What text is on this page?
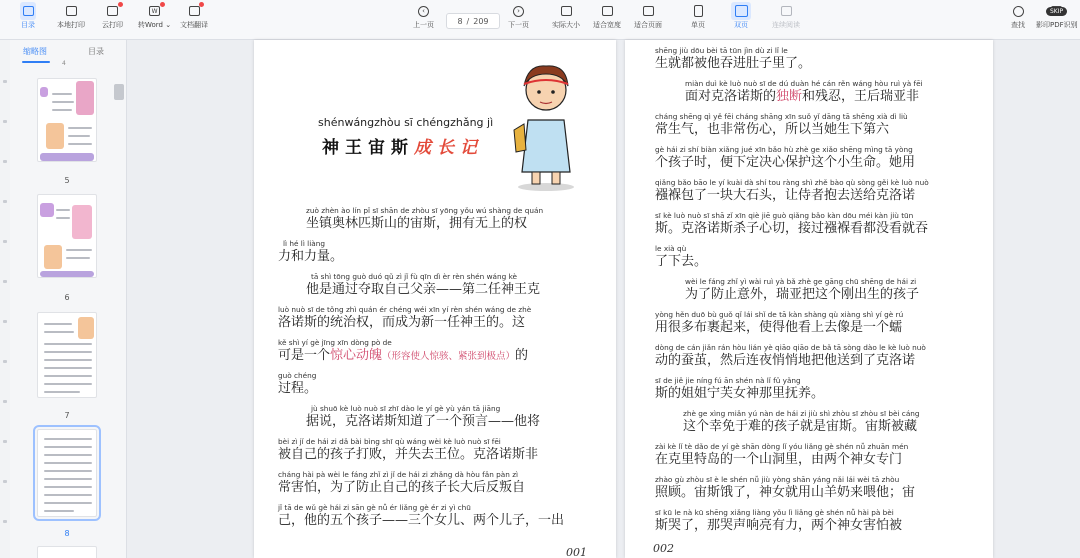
目录	本地打印 云打印
W
转Word ⌄ 文档翻译	8 / 209
‹
上一页
›
下一页	实际大小 适合宽度 适合页面	单页	双页	连续阅读	查找 影印PDF识别
SKIP
缩略图	目录
4
5
6
7
8
shénwángzhòu sī chéngzhǎng jì
神王宙斯成长记
zuò zhèn ào lín pǐ sī shān de zhòu sī yōng yǒu wú shàng de quán
坐镇奥林匹斯山的宙斯，拥有无上的权
lì hé lì liàng
力和力量。
tā shì tōng guò duó qǔ zì jǐ fù qīn dì èr rèn shén wáng kè
他是通过夺取自己父亲——第二任神王克
luò nuò sī de tǒng zhì quán ér chéng wéi xīn yí rèn shén wáng de zhè
洛诺斯的统治权，而成为新一任神王的。这
kě shì yí gè jīng xīn dòng pò de
可是一个惊心动魄（形容使人惊骇、紧张到极点）的
guò chéng
过程。
jù shuō kè luò nuò sī zhī dào le yí gè yù yán tā jiāng
据说，克洛诺斯知道了一个预言——他将
bèi zì jǐ de hái zi dǎ bài bìng shī qù wáng wèi kè luò nuò sī fēi
被自己的孩子打败，并失去王位。克洛诺斯非
cháng hài pà wèi le fáng zhǐ zì jǐ de hái zi zhǎng dà hòu fǎn pàn zì
常害怕，为了防止自己的孩子长大后反叛自
jǐ tā de wǔ gè hái zi sān gè nǚ ér liǎng gè ér zi yì chū
己，他的五个孩子——三个女儿、两个儿子，一出
001
shēng jiù dōu bèi tā tūn jìn dù zi lǐ le
生就都被他吞进肚子里了。
miàn duì kè luò nuò sī de dú duàn hé cán rěn wáng hòu ruì yà fēi
面对克洛诺斯的独断和残忍，王后瑞亚非
cháng shēng qì yě fēi cháng shāng xīn suǒ yǐ dāng tā shēng xià dì liù
常生气，也非常伤心，所以当她生下第六
gè hái zi shí biàn xiǎng jué xīn bǎo hù zhè ge xiǎo shēng mìng tā yòng
个孩子时，便下定决心保护这个小生命。她用
qiǎng bǎo bāo le yí kuài dà shí tou ràng shì zhě bào qù sòng gěi kè luò nuò
襁褓包了一块大石头，让侍者抱去送给克洛诺
sī kè luò nuò sī shā zǐ xīn qiè jiē guò qiǎng bǎo kàn dōu méi kàn jiù tūn
斯。克洛诺斯杀子心切，接过襁褓看都没看就吞
le xià qù
了下去。
wèi le fáng zhǐ yì wài ruì yà bǎ zhè ge gāng chū shēng de hái zi
为了防止意外，瑞亚把这个刚出生的孩子
yòng hěn duō bù guǒ qǐ lái shǐ de tā kàn shàng qù xiàng shì yí gè rú
用很多布裹起来，使得他看上去像是一个蠕
dòng de cán jiǎn rán hòu lián yè qiāo qiāo de bǎ tā sòng dào le kè luò nuò
动的蚕茧，然后连夜悄悄地把他送到了克洛诺
sī de jiě jie níng fú ān shén nà lǐ fǔ yǎng
斯的姐姐宁芙女神那里抚养。
zhè ge xìng miǎn yú nàn de hái zi jiù shì zhòu sī zhòu sī bèi cáng
这个幸免于难的孩子就是宙斯。宙斯被藏
zài kè lǐ tè dǎo de yí gè shān dòng lǐ yóu liǎng gè shén nǚ zhuān mén
在克里特岛的一个山洞里，由两个神女专门
zhào gù zhòu sī è le shén nǚ jiù yòng shān yáng nǎi lái wèi tā zhòu
照顾。宙斯饿了，神女就用山羊奶来喂他；宙
sī kū le nà kū shēng xiǎng liàng yǒu lì liǎng gè shén nǚ hài pà bèi
斯哭了，那哭声响亮有力，两个神女害怕被
002
